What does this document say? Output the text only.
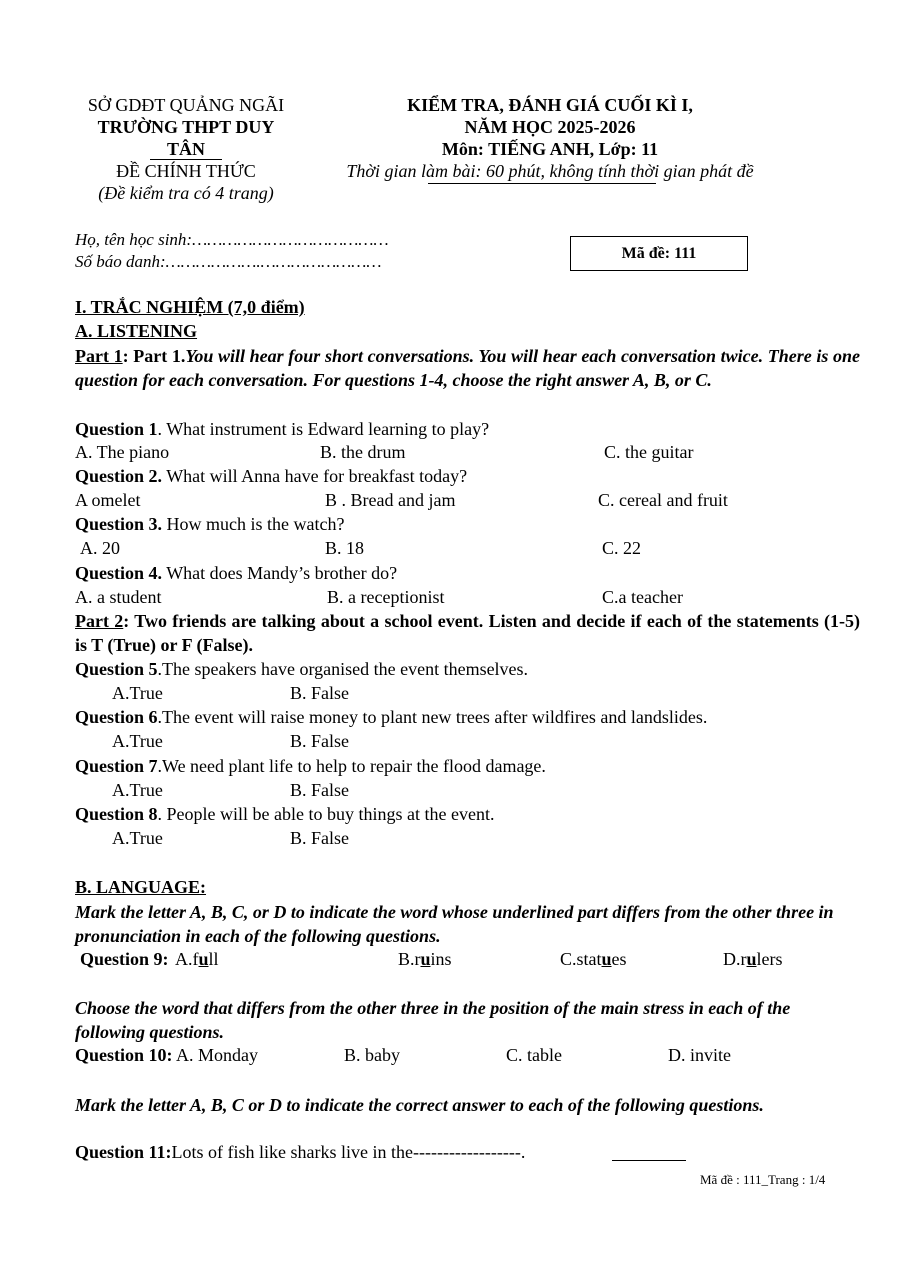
SỞ GDĐT QUẢNG NGÃI
TRƯỜNG THPT DUY
TÂN
ĐỀ CHÍNH THỨC
(Đề kiểm tra có 4 trang)
KIỂM TRA, ĐÁNH GIÁ CUỐI KÌ I,
NĂM HỌC 2025-2026
Môn: TIẾNG ANH, Lớp: 11
Thời gian làm bài: 60 phút, không tính thời gian phát đề
Họ, tên học sinh:…………………………………
Số báo danh:……………….……………………	Mã đề: 111
I. TRẮC NGHIỆM (7,0 điểm)
A. LISTENING
Part 1: Part 1.You will hear four short conversations. You will hear each conversation twice. There is one question for each conversation. For questions 1-4, choose the right answer A, B, or C.
Question 1. What instrument is Edward learning to play?
A. The piano	B. the drum	C. the guitar
Question 2. What will Anna have for breakfast today?
A omelet	B . Bread and jam	C. cereal and fruit
Question 3. How much is the watch?
A. 20	B. 18	C. 22
Question 4. What does Mandy’s brother do?
A. a student	B. a receptionist	C.a teacher
Part 2: Two friends are talking about a school event. Listen and decide if each of the statements (1-5) is T (True) or F (False).
Question 5.The speakers have organised the event themselves.
A.True	B. False
Question 6.The event will raise money to plant new trees after wildfires and landslides.
A.True	B. False
Question 7.We need plant life to help to repair the flood damage.
A.True	B. False
Question 8. People will be able to buy things at the event.
A.True	B. False
B. LANGUAGE:
Mark the letter A, B, C, or D to indicate the word whose underlined part differs from the other three in pronunciation in each of the following questions.
Question 9: A.full	B.ruins	C.statues	D.rulers
Choose the word that differs from the other three in the position of the main stress in each of the following questions.
Question 10: A. Monday	B. baby	C. table	D. invite
Mark the letter A, B, C or D to indicate the correct answer to each of the following questions.
Question 11:Lots of fish like sharks live in the------------------.
Mã đề : 111_Trang : 1/4
